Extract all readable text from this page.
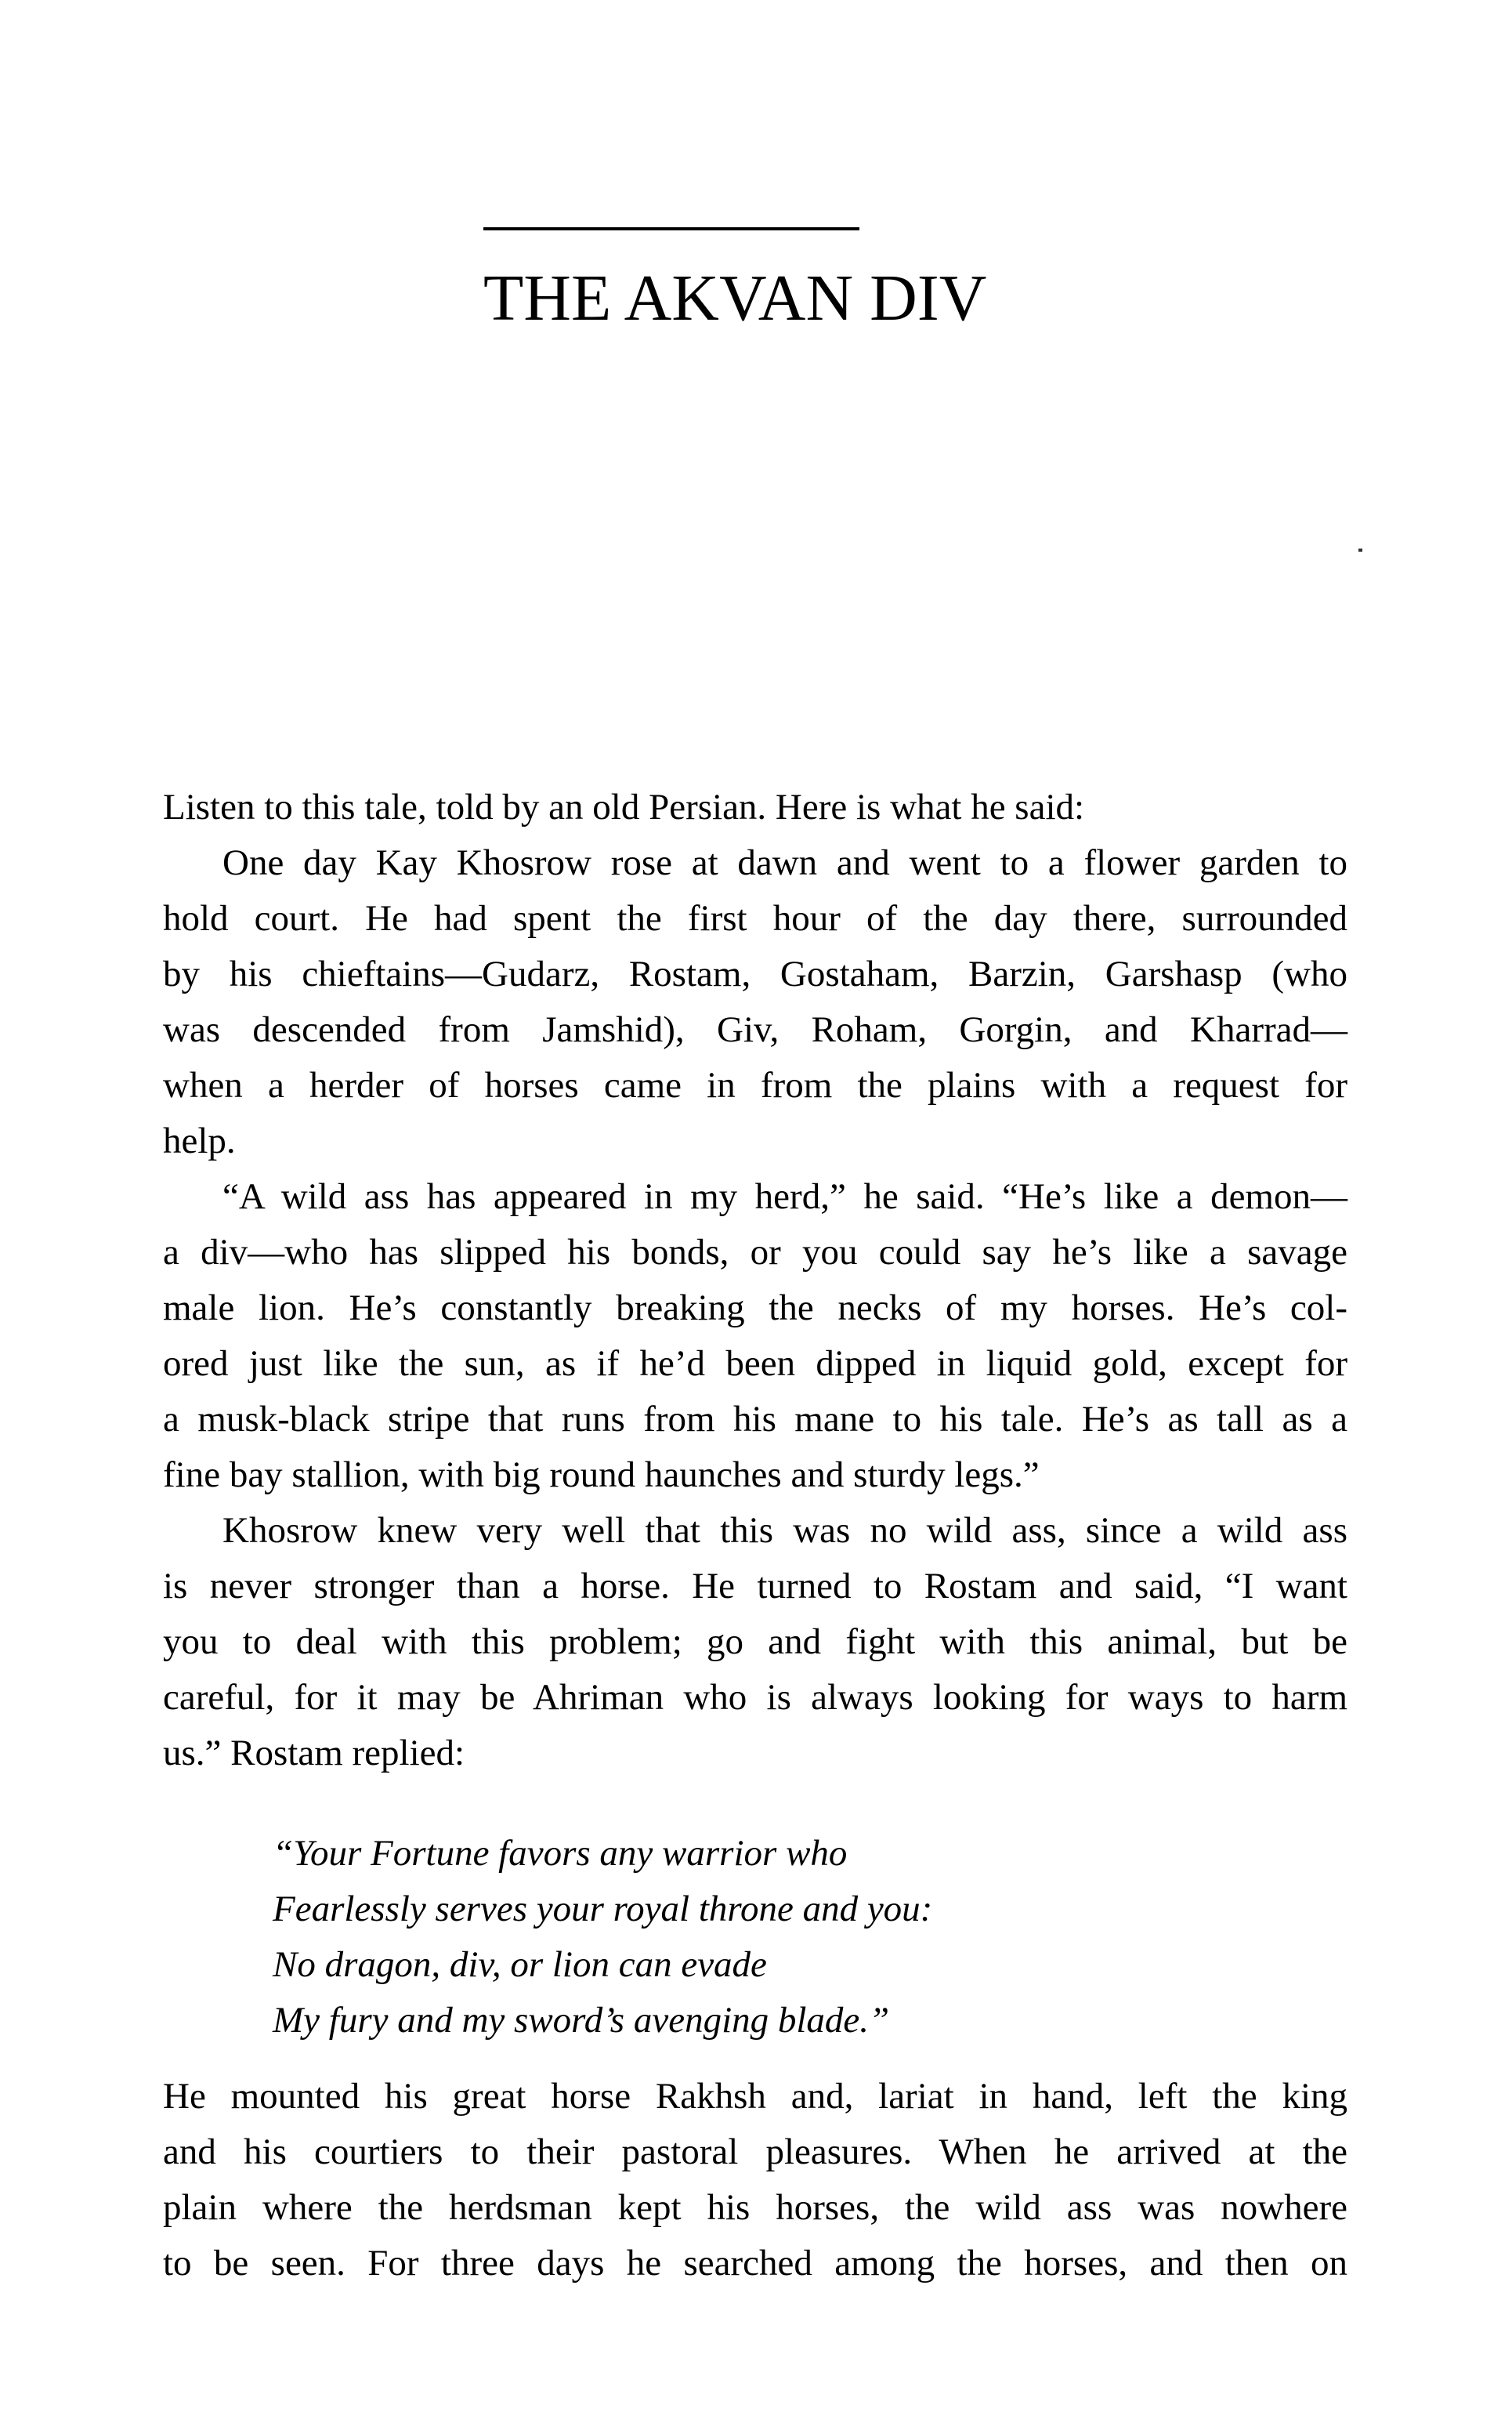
THE AKVAN DIV
Listen to this tale, told by an old Persian. Here is what he said:
One day Kay Khosrow rose at dawn and went to a flower garden to
hold court. He had spent the first hour of the day there, surrounded
by his chieftains—Gudarz, Rostam, Gostaham, Barzin, Garshasp (who
was descended from Jamshid), Giv, Roham, Gorgin, and Kharrad—
when a herder of horses came in from the plains with a request for
help.
“A wild ass has appeared in my herd,” he said. “He’s like a demon—
a div—who has slipped his bonds, or you could say he’s like a savage
male lion. He’s constantly breaking the necks of my horses. He’s col-
ored just like the sun, as if he’d been dipped in liquid gold, except for
a musk-black stripe that runs from his mane to his tale. He’s as tall as a
fine bay stallion, with big round haunches and sturdy legs.”
Khosrow knew very well that this was no wild ass, since a wild ass
is never stronger than a horse. He turned to Rostam and said, “I want
you to deal with this problem; go and fight with this animal, but be
careful, for it may be Ahriman who is always looking for ways to harm
us.” Rostam replied:
“Your Fortune favors any warrior who
Fearlessly serves your royal throne and you:
No dragon, div, or lion can evade
My fury and my sword’s avenging blade.”
He mounted his great horse Rakhsh and, lariat in hand, left the king
and his courtiers to their pastoral pleasures. When he arrived at the
plain where the herdsman kept his horses, the wild ass was nowhere
to be seen. For three days he searched among the horses, and then on
